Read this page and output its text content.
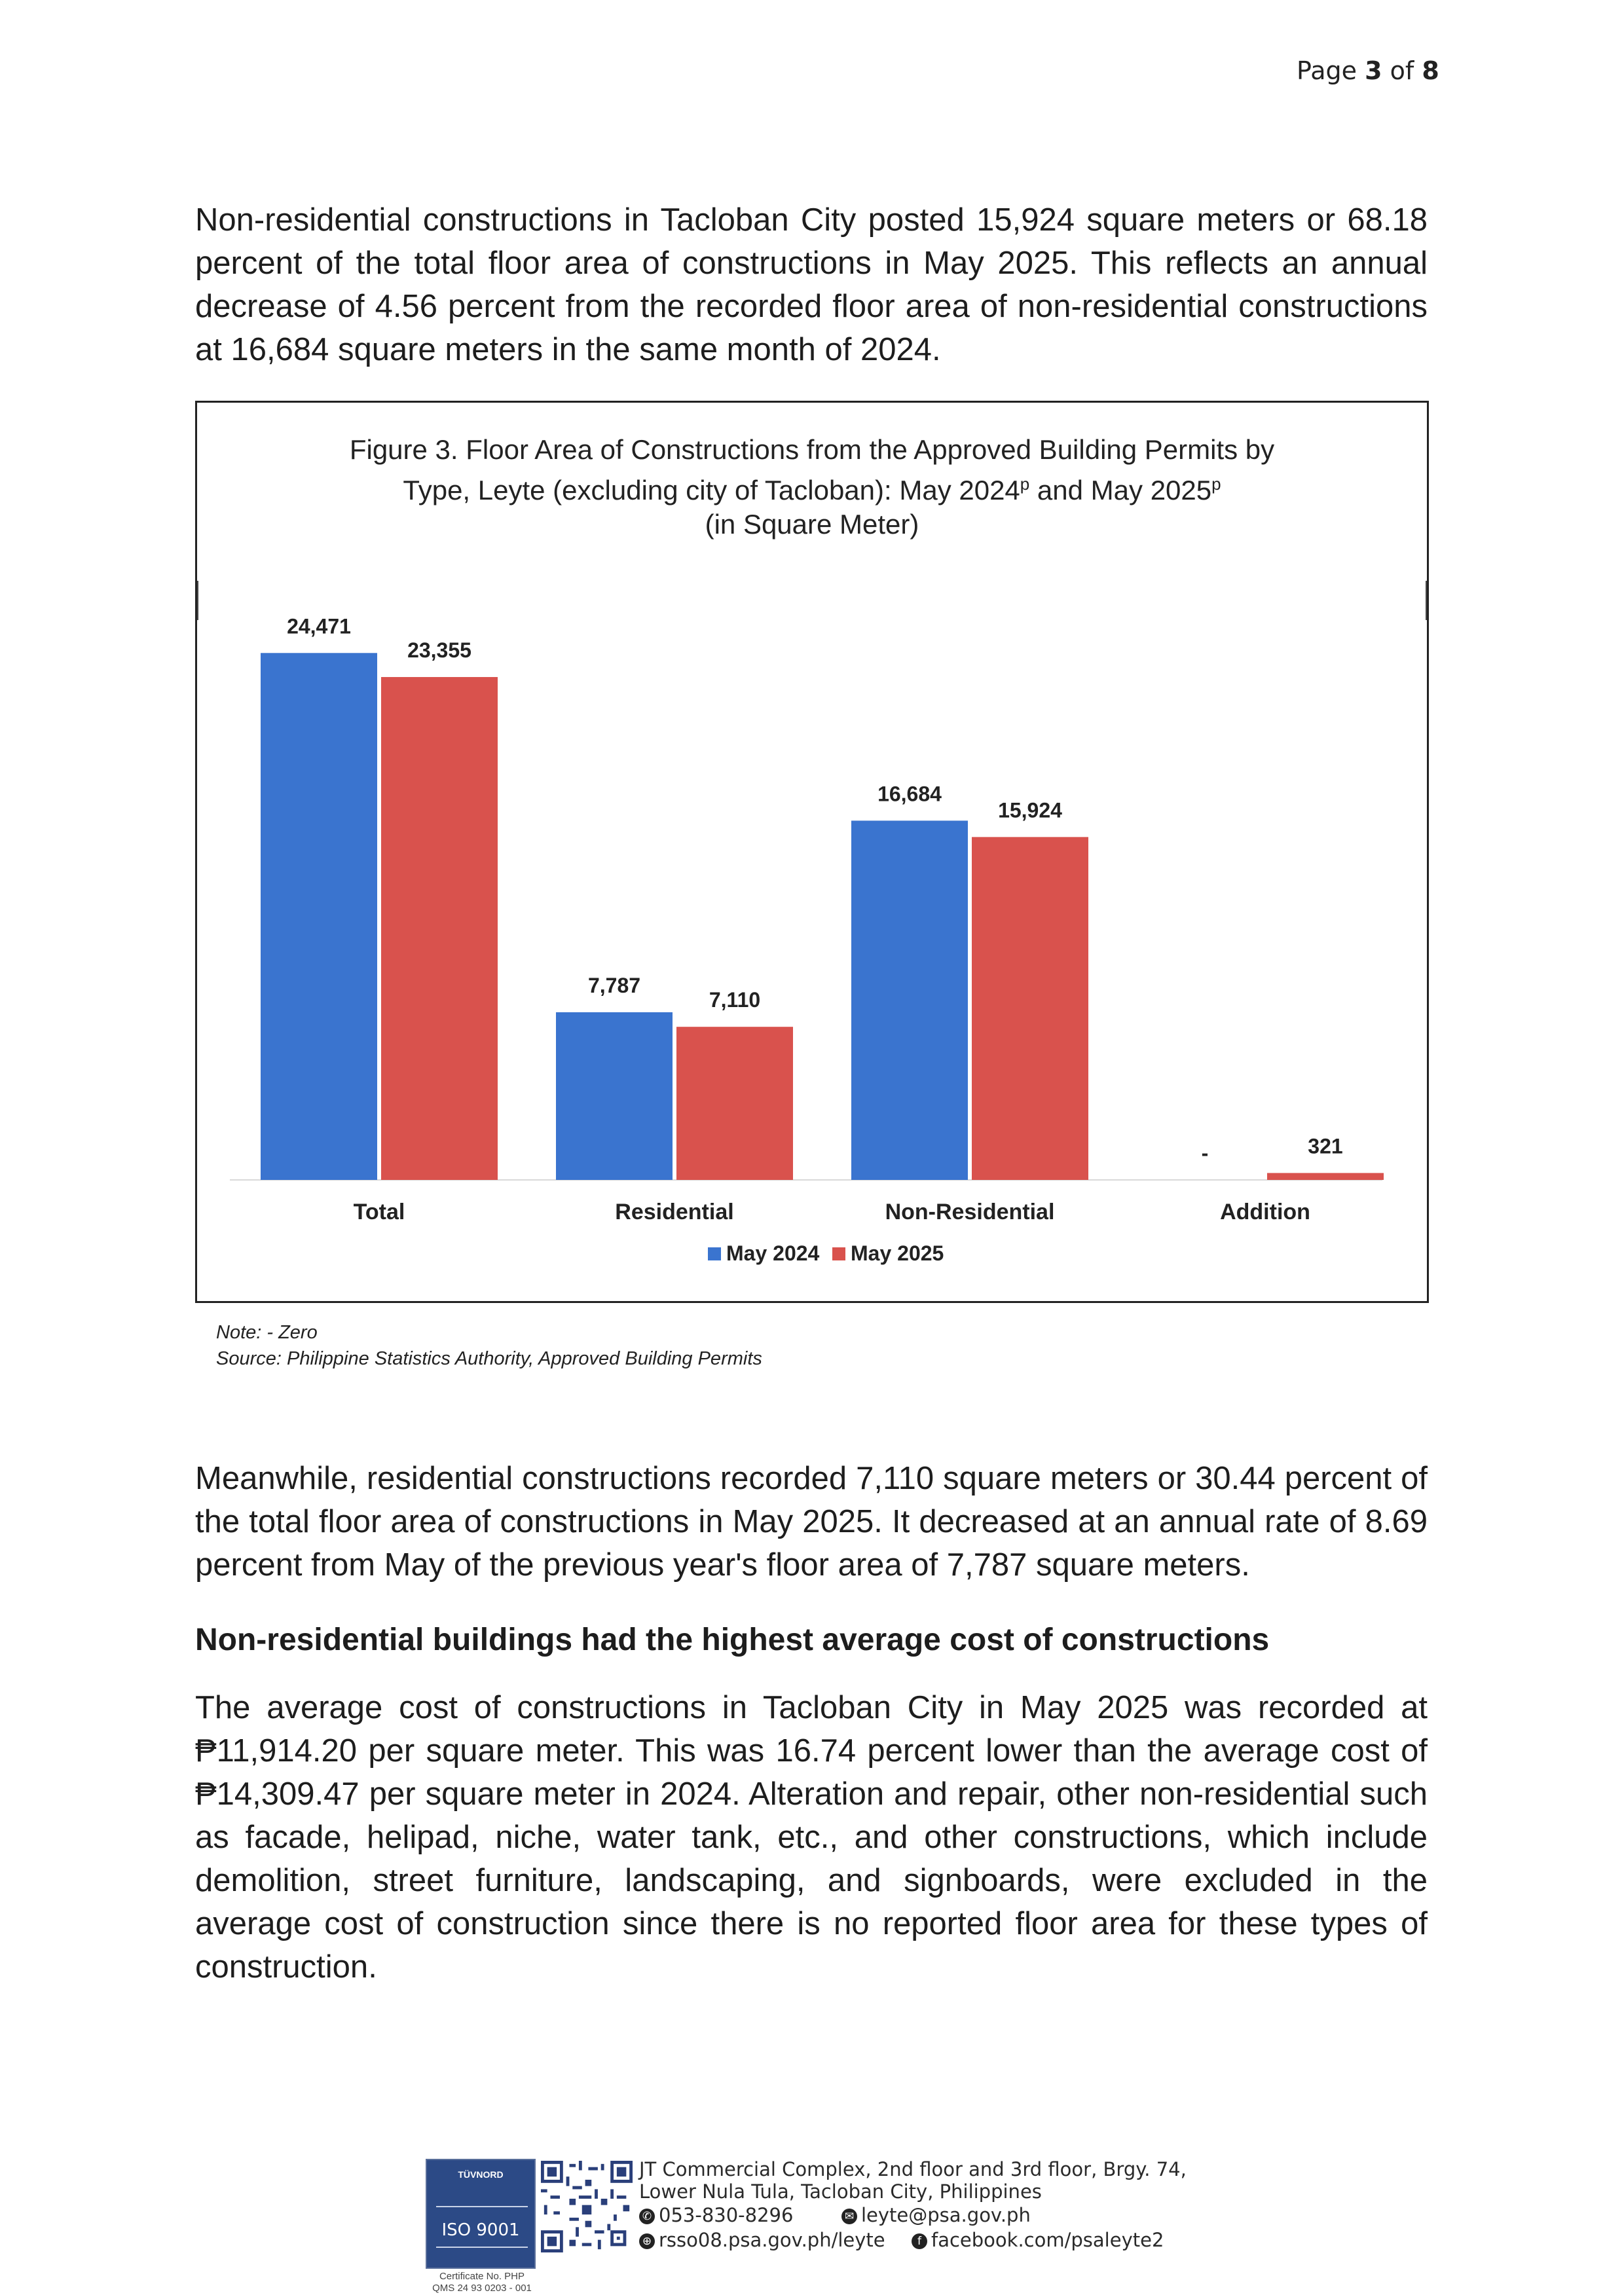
Page 3 of 8
Non-residential constructions in Tacloban City posted 15,924 square meters or 68.18 percent of the total floor area of constructions in May 2025. This reflects an annual decrease of 4.56 percent from the recorded floor area of non-residential constructions at 16,684 square meters in the same month of 2024.
Figure 3. Floor Area of Constructions from the Approved Building Permits by
Type, Leyte (excluding city of Tacloban): May 2024$^p$ and May 2025$^p$
(in Square Meter)
24,471
23,355
Total
7,787
7,110
Residential
16,684
15,924
Non-Residential
-	321
Addition
May 2024 May 2025
Note: - Zero
Source: Philippine Statistics Authority, Approved Building Permits
Meanwhile, residential constructions recorded 7,110 square meters or 30.44 percent of the total floor area of constructions in May 2025. It decreased at an annual rate of 8.69 percent from May of the previous year's floor area of 7,787 square meters.
Non-residential buildings had the highest average cost of constructions
The average cost of constructions in Tacloban City in May 2025 was recorded at ₱11,914.20 per square meter. This was 16.74 percent lower than the average cost of ₱14,309.47 per square meter in 2024. Alteration and repair, other non-residential such as facade, helipad, niche, water tank, etc., and other constructions, which include demolition, street furniture, landscaping, and signboards, were excluded in the average cost of construction since there is no reported floor area for these types of construction.
TÜVNORD
ISO 9001
Certificate No. PHP
QMS 24 93 0203 - 001
JT Commercial Complex, 2nd floor and 3rd floor, Brgy. 74,
Lower Nula Tula, Tacloban City, Philippines
✆ 053-830-8296	✉ leyte@psa.gov.ph
⊕ rsso08.psa.gov.ph/leyte	f facebook.com/psaleyte2
